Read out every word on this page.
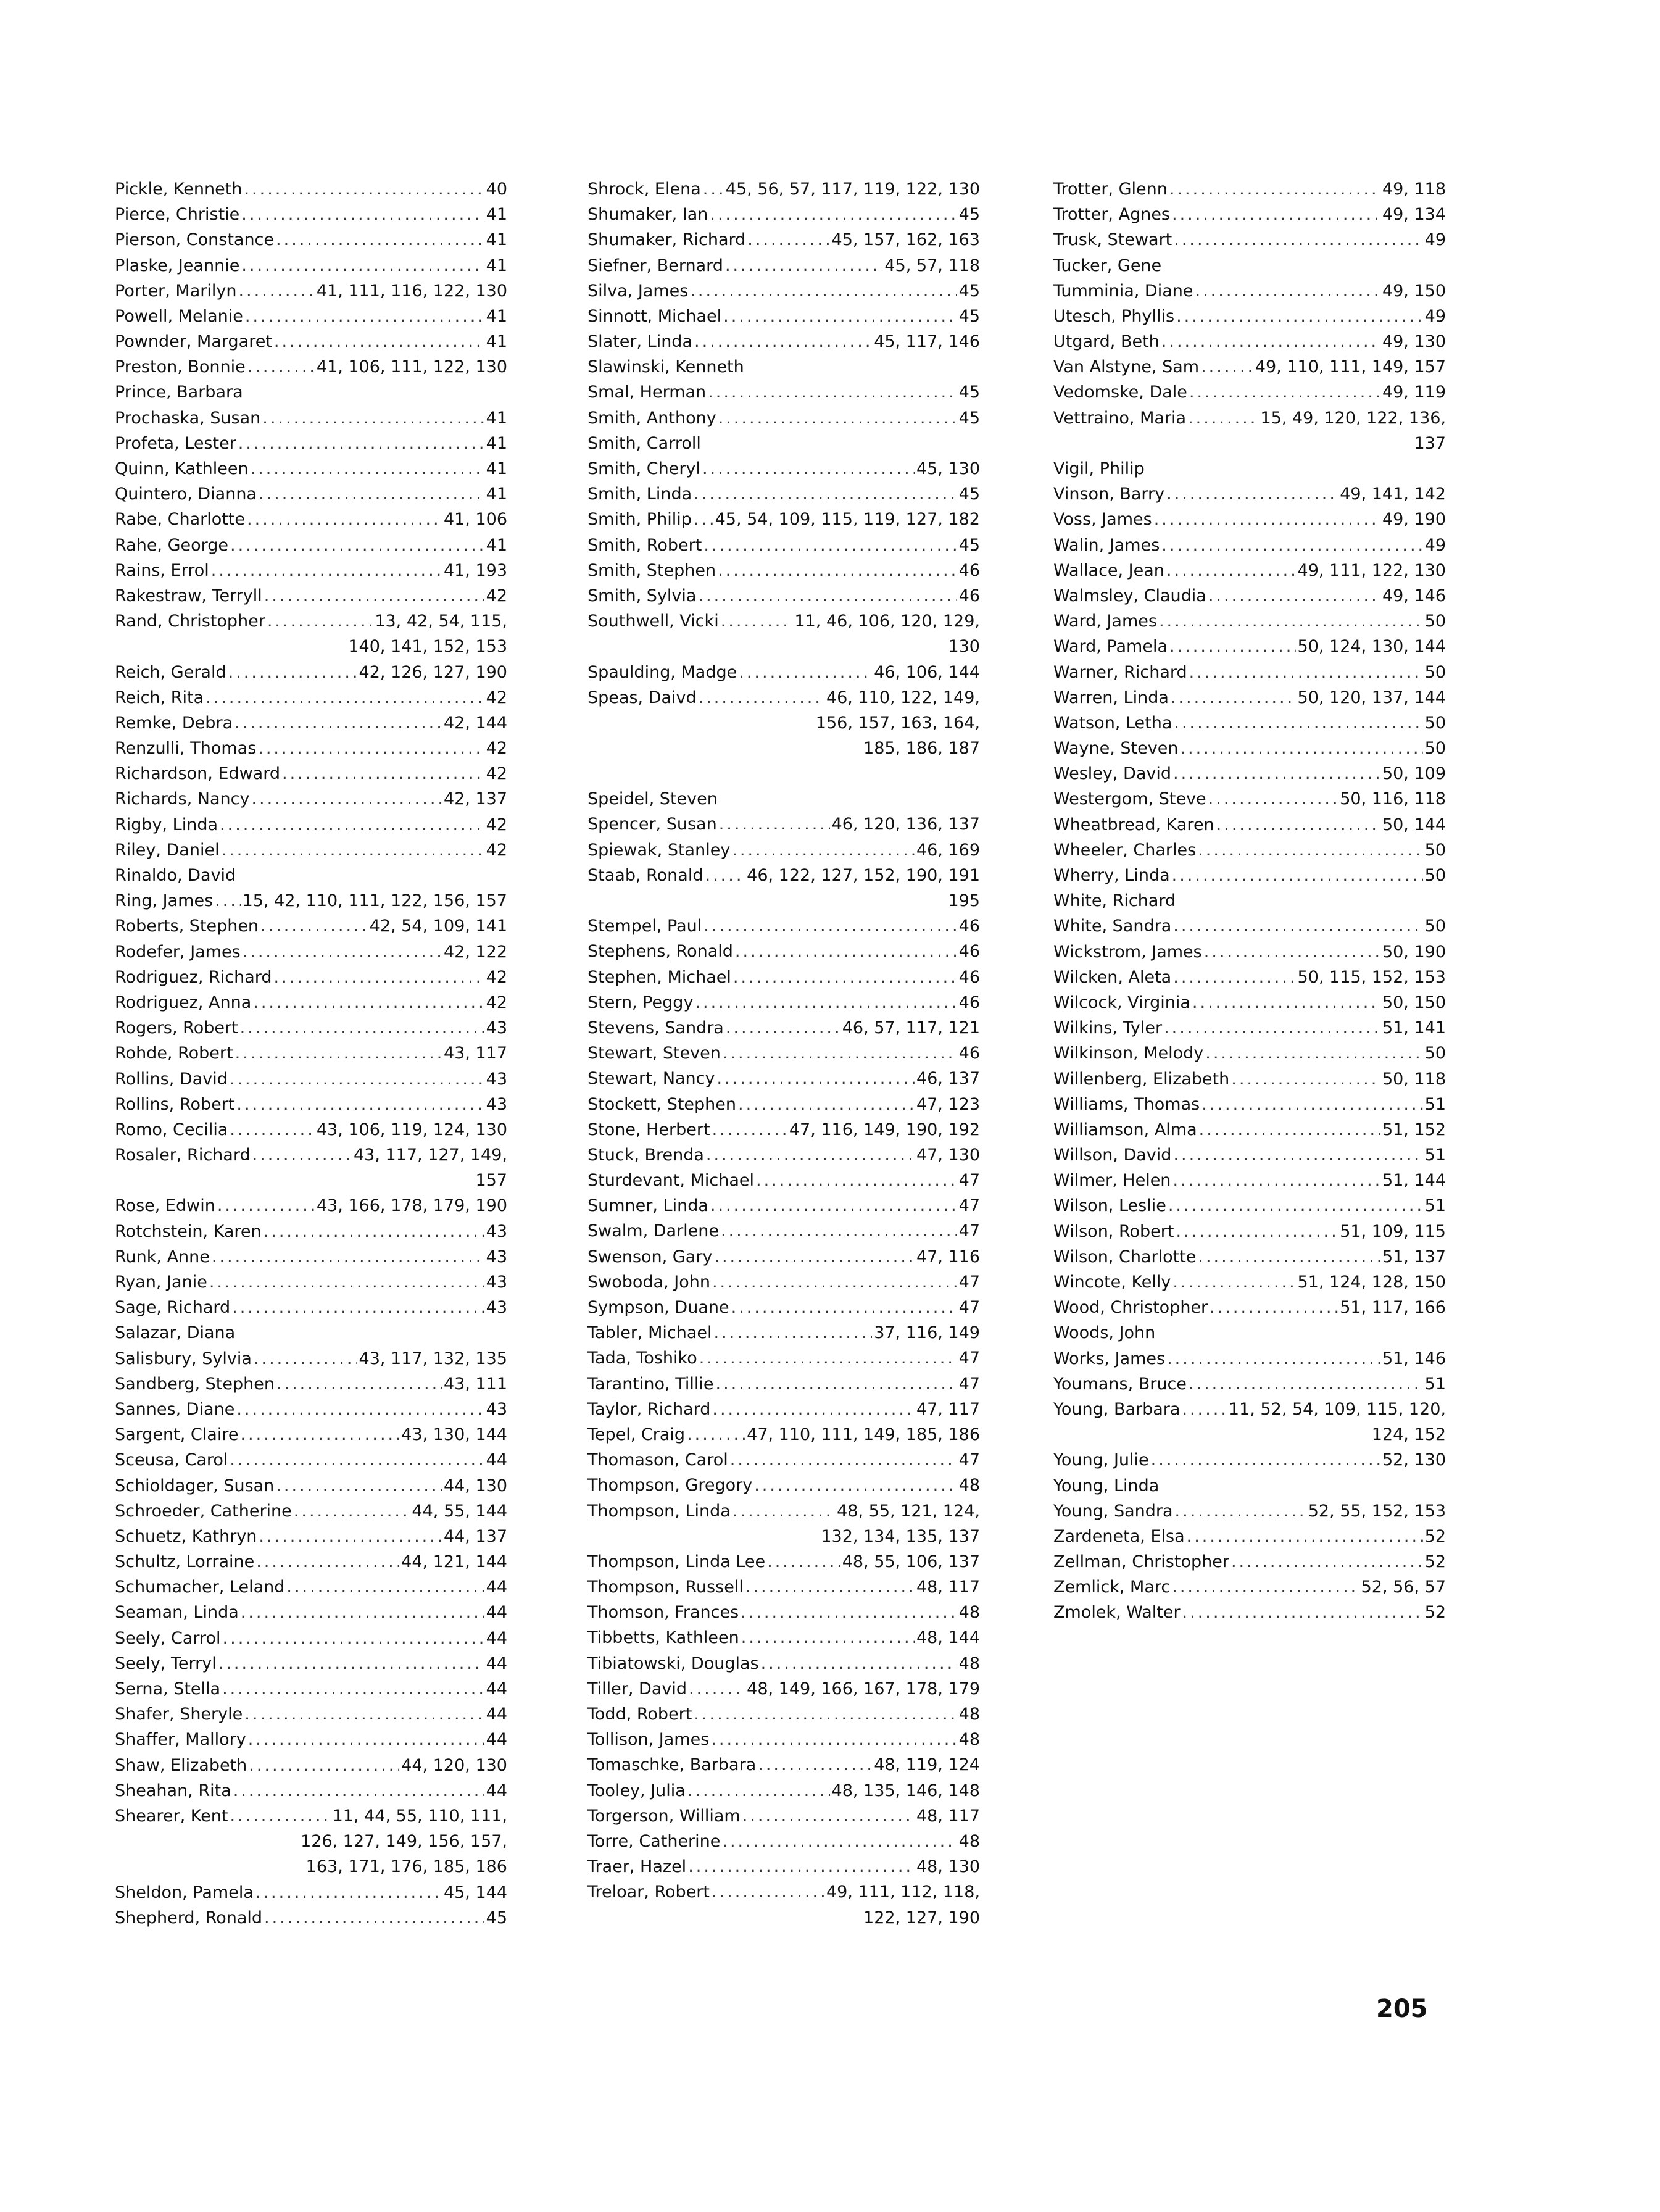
Pickle, Kenneth .....	40
Pierce, Christie .....	41
Pierson, Constance .....	41
Plaske, Jeannie .....	41
Porter, Marilyn .....	41, 111, 116, 122, 130
Powell, Melanie .....	41
Pownder, Margaret .....	41
Preston, Bonnie .....	41, 106, 111, 122, 130
Prince, Barbara
Prochaska, Susan .....	41
Profeta, Lester .....	41
Quinn, Kathleen .....	41
Quintero, Dianna .....	41
Rabe, Charlotte .....	41, 106
Rahe, George .....	41
Rains, Errol .....	41, 193
Rakestraw, Terryll .....	42
Rand, Christopher .....	13, 42, 54, 115,
140, 141, 152, 153
Reich, Gerald .....	42, 126, 127, 190
Reich, Rita .....	42
Remke, Debra .....	42, 144
Renzulli, Thomas .....	42
Richardson, Edward .....	42
Richards, Nancy .....	42, 137
Rigby, Linda .....	42
Riley, Daniel .....	42
Rinaldo, David
Ring, James ..... 15, 42, 110, 111, 122, 156, 157
Roberts, Stephen .....	42, 54, 109, 141
Rodefer, James .....	42, 122
Rodriguez, Richard .....	42
Rodriguez, Anna .....	42
Rogers, Robert .....	43
Rohde, Robert .....	43, 117
Rollins, David .....	43
Rollins, Robert .....	43
Romo, Cecilia .....	43, 106, 119, 124, 130
Rosaler, Richard .....	43, 117, 127, 149,
157
Rose, Edwin .....	43, 166, 178, 179, 190
Rotchstein, Karen .....	43
Runk, Anne .....	43
Ryan, Janie .....	43
Sage, Richard .....	43
Salazar, Diana
Salisbury, Sylvia .....	43, 117, 132, 135
Sandberg, Stephen .....	43, 111
Sannes, Diane .....	43
Sargent, Claire .....	43, 130, 144
Sceusa, Carol .....	44
Schioldager, Susan .....	44, 130
Schroeder, Catherine .....	44, 55, 144
Schuetz, Kathryn .....	44, 137
Schultz, Lorraine .....	44, 121, 144
Schumacher, Leland .....	44
Seaman, Linda .....	44
Seely, Carrol .....	44
Seely, Terryl .....	44
Serna, Stella .....	44
Shafer, Sheryle .....	44
Shaffer, Mallory .....	44
Shaw, Elizabeth .....	44, 120, 130
Sheahan, Rita .....	44
Shearer, Kent .....	11, 44, 55, 110, 111,
126, 127, 149, 156, 157,
163, 171, 176, 185, 186
Sheldon, Pamela .....	45, 144
Shepherd, Ronald .....	45
Shrock, Elena ..... 45, 56, 57, 117, 119, 122, 130
Shumaker, Ian .....	45
Shumaker, Richard .....	45, 157, 162, 163
Siefner, Bernard .....	45, 57, 118
Silva, James .....	45
Sinnott, Michael .....	45
Slater, Linda .....	45, 117, 146
Slawinski, Kenneth
Smal, Herman .....	45
Smith, Anthony .....	45
Smith, Carroll
Smith, Cheryl .....	45, 130
Smith, Linda .....	45
Smith, Philip ..... 45, 54, 109, 115, 119, 127, 182
Smith, Robert .....	45
Smith, Stephen .....	46
Smith, Sylvia .....	46
Southwell, Vicki .....	11, 46, 106, 120, 129,
130
Spaulding, Madge .....	46, 106, 144
Speas, Daivd .....	46, 110, 122, 149,
156, 157, 163, 164,
185, 186, 187
Speidel, Steven
Spencer, Susan .....	46, 120, 136, 137
Spiewak, Stanley .....	46, 169
Staab, Ronald .....	46, 122, 127, 152, 190, 191
195
Stempel, Paul .....	46
Stephens, Ronald .....	46
Stephen, Michael .....	46
Stern, Peggy .....	46
Stevens, Sandra .....	46, 57, 117, 121
Stewart, Steven .....	46
Stewart, Nancy .....	46, 137
Stockett, Stephen .....	47, 123
Stone, Herbert .....	47, 116, 149, 190, 192
Stuck, Brenda .....	47, 130
Sturdevant, Michael .....	47
Sumner, Linda .....	47
Swalm, Darlene .....	47
Swenson, Gary .....	47, 116
Swoboda, John .....	47
Sympson, Duane .....	47
Tabler, Michael .....	37, 116, 149
Tada, Toshiko .....	47
Tarantino, Tillie .....	47
Taylor, Richard .....	47, 117
Tepel, Craig .....	47, 110, 111, 149, 185, 186
Thomason, Carol .....	47
Thompson, Gregory .....	48
Thompson, Linda .....	48, 55, 121, 124,
132, 134, 135, 137
Thompson, Linda Lee .....	48, 55, 106, 137
Thompson, Russell .....	48, 117
Thomson, Frances .....	48
Tibbetts, Kathleen .....	48, 144
Tibiatowski, Douglas .....	48
Tiller, David .....	48, 149, 166, 167, 178, 179
Todd, Robert .....	48
Tollison, James .....	48
Tomaschke, Barbara .....	48, 119, 124
Tooley, Julia .....	48, 135, 146, 148
Torgerson, William .....	48, 117
Torre, Catherine .....	48
Traer, Hazel .....	48, 130
Treloar, Robert .....	49, 111, 112, 118,
122, 127, 190
Trotter, Glenn .....	49, 118
Trotter, Agnes .....	49, 134
Trusk, Stewart .....	49
Tucker, Gene
Tumminia, Diane .....	49, 150
Utesch, Phyllis .....	49
Utgard, Beth .....	49, 130
Van Alstyne, Sam .....	49, 110, 111, 149, 157
Vedomske, Dale .....	49, 119
Vettraino, Maria .....	15, 49, 120, 122, 136,
137
Vigil, Philip
Vinson, Barry .....	49, 141, 142
Voss, James .....	49, 190
Walin, James .....	49
Wallace, Jean .....	49, 111, 122, 130
Walmsley, Claudia .....	49, 146
Ward, James .....	50
Ward, Pamela .....	50, 124, 130, 144
Warner, Richard .....	50
Warren, Linda .....	50, 120, 137, 144
Watson, Letha .....	50
Wayne, Steven .....	50
Wesley, David .....	50, 109
Westergom, Steve .....	50, 116, 118
Wheatbread, Karen .....	50, 144
Wheeler, Charles .....	50
Wherry, Linda .....	50
White, Richard
White, Sandra .....	50
Wickstrom, James .....	50, 190
Wilcken, Aleta .....	50, 115, 152, 153
Wilcock, Virginia .....	50, 150
Wilkins, Tyler .....	51, 141
Wilkinson, Melody .....	50
Willenberg, Elizabeth .....	50, 118
Williams, Thomas .....	51
Williamson, Alma .....	51, 152
Willson, David .....	51
Wilmer, Helen .....	51, 144
Wilson, Leslie .....	51
Wilson, Robert .....	51, 109, 115
Wilson, Charlotte .....	51, 137
Wincote, Kelly .....	51, 124, 128, 150
Wood, Christopher .....	51, 117, 166
Woods, John
Works, James .....	51, 146
Youmans, Bruce .....	51
Young, Barbara .....	11, 52, 54, 109, 115, 120,
124, 152
Young, Julie .....	52, 130
Young, Linda
Young, Sandra .....	52, 55, 152, 153
Zardeneta, Elsa .....	52
Zellman, Christopher .....	52
Zemlick, Marc .....	52, 56, 57
Zmolek, Walter .....	52
205
